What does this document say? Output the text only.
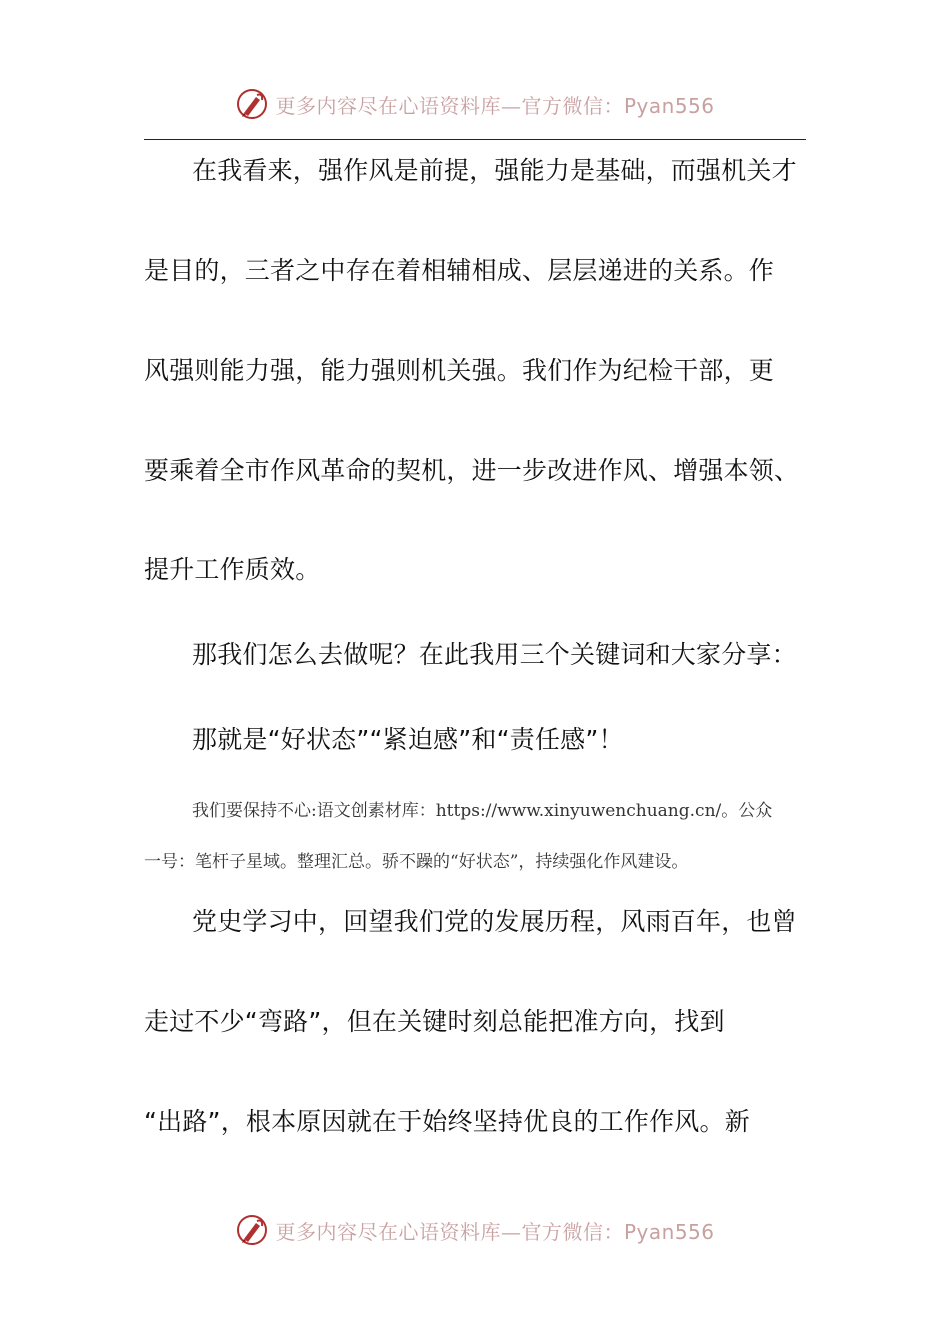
更多内容尽在心语资料库—官方微信：Pyan556
在我看来，强作风是前提，强能力是基础，而强机关才
是目的，三者之中存在着相辅相成、层层递进的关系。作
风强则能力强，能力强则机关强。我们作为纪检干部，更
要乘着全市作风革命的契机，进一步改进作风、增强本领、
提升工作质效。
那我们怎么去做呢？在此我用三个关键词和大家分享：
那就是“好状态”“紧迫感”和“责任感”！
我们要保持不心:语文创素材库：https://www.xinyuwenchuang.cn/。公众
一号：笔杆子星域。整理汇总。骄不躁的“好状态”，持续强化作风建设。
党史学习中，回望我们党的发展历程，风雨百年，也曾
走过不少“弯路”，但在关键时刻总能把准方向，找到
“出路”，根本原因就在于始终坚持优良的工作作风。新
更多内容尽在心语资料库—官方微信：Pyan556
